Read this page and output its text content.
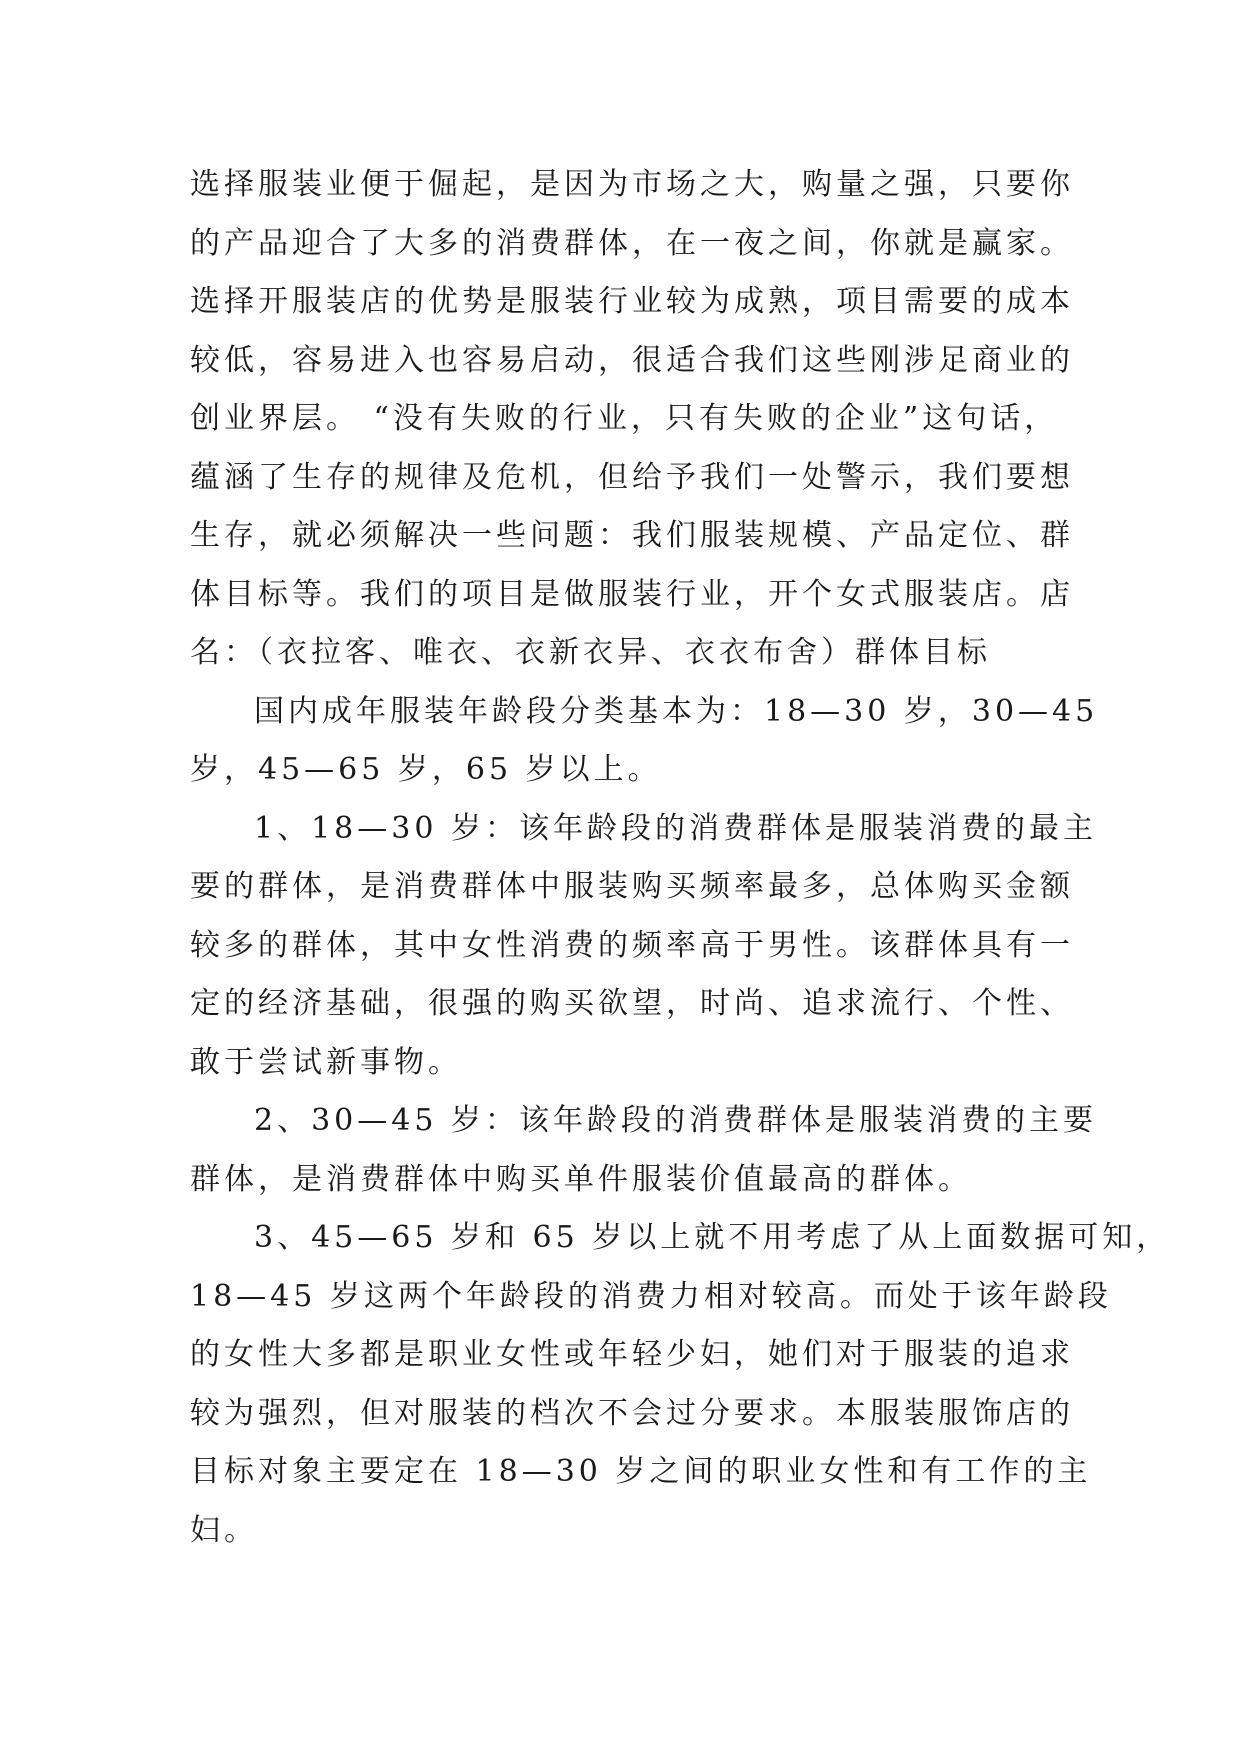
选择服装业便于倔起，是因为市场之大，购量之强，只要你
的产品迎合了大多的消费群体，在一夜之间，你就是赢家。
选择开服装店的优势是服装行业较为成熟，项目需要的成本
较低，容易进入也容易启动，很适合我们这些刚涉足商业的
创业界层。 “没有失败的行业，只有失败的企业”这句话，
蕴涵了生存的规律及危机，但给予我们一处警示，我们要想
生存，就必须解决一些问题：我们服装规模、产品定位、群
体目标等。我们的项目是做服装行业，开个女式服装店。店
名：（衣拉客、唯衣、衣新衣异、衣衣布舍）群体目标
国内成年服装年龄段分类基本为：18—30 岁，30—45
岁，45—65 岁，65 岁以上。
1、18—30 岁：该年龄段的消费群体是服装消费的最主
要的群体，是消费群体中服装购买频率最多，总体购买金额
较多的群体，其中女性消费的频率高于男性。该群体具有一
定的经济基础，很强的购买欲望，时尚、追求流行、个性、
敢于尝试新事物。
2、30—45 岁：该年龄段的消费群体是服装消费的主要
群体，是消费群体中购买单件服装价值最高的群体。
3、45—65 岁和 65 岁以上就不用考虑了从上面数据可知，
18—45 岁这两个年龄段的消费力相对较高。而处于该年龄段
的女性大多都是职业女性或年轻少妇，她们对于服装的追求
较为强烈，但对服装的档次不会过分要求。本服装服饰店的
目标对象主要定在 18—30 岁之间的职业女性和有工作的主
妇。
